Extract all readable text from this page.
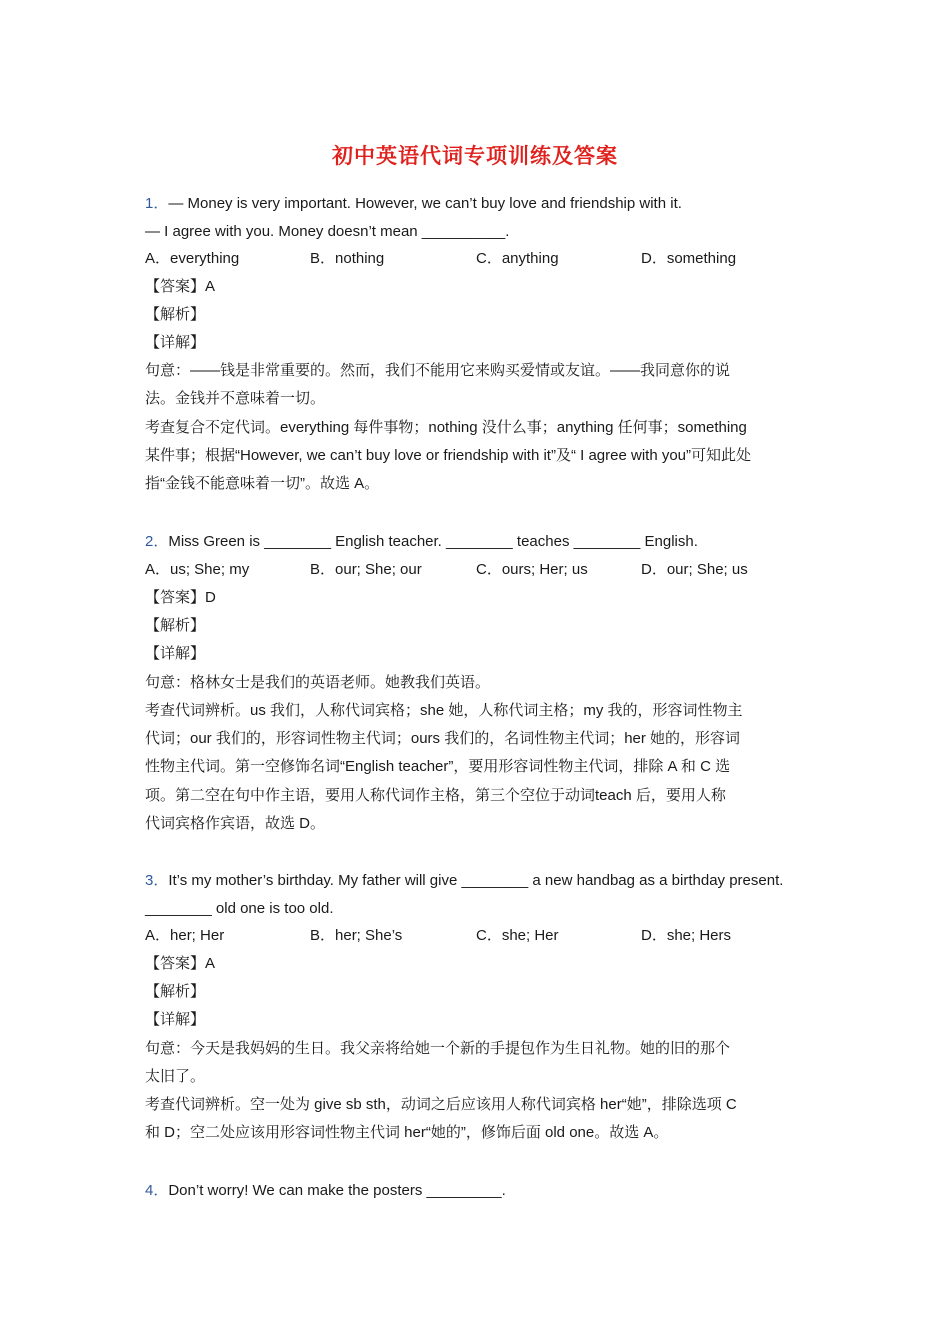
初中英语代词专项训练及答案
1．— Money is very important. However, we can’t buy love and friendship with it.
— I agree with you. Money doesn’t mean __________.
A．everything	B．nothing	C．anything	D．something
【答案】A
【解析】
【详解】
句意：——钱是非常重要的。然而，我们不能用它来购买爱情或友谊。——我同意你的说
法。金钱并不意味着一切。
考查复合不定代词。everything 每件事物；nothing 没什么事；anything 任何事；something
某件事；根据“However, we can’t buy love or friendship with it”及“ I agree with you”可知此处
指“金钱不能意味着一切”。故选 A。
2．Miss Green is ________ English teacher. ________ teaches ________ English.
A．us; She; my	B．our; She; our	C．ours; Her; us	D．our; She; us
【答案】D
【解析】
【详解】
句意：格林女士是我们的英语老师。她教我们英语。
考查代词辨析。us 我们，人称代词宾格；she 她，人称代词主格；my 我的，形容词性物主
代词；our 我们的，形容词性物主代词；ours 我们的，名词性物主代词；her 她的，形容词
性物主代词。第一空修饰名词“English teacher”，要用形容词性物主代词，排除 A 和 C 选
项。第二空在句中作主语，要用人称代词作主格，第三个空位于动词teach 后，要用人称
代词宾格作宾语，故选 D。
3．It’s my mother’s birthday. My father will give ________ a new handbag as a birthday present.
________ old one is too old.
A．her; Her	B．her; She’s	C．she; Her	D．she; Hers
【答案】A
【解析】
【详解】
句意：今天是我妈妈的生日。我父亲将给她一个新的手提包作为生日礼物。她的旧的那个
太旧了。
考查代词辨析。空一处为 give sb sth，动词之后应该用人称代词宾格 her“她”，排除选项 C
和 D；空二处应该用形容词性物主代词 her“她的”，修饰后面 old one。故选 A。
4．Don’t worry! We can make the posters _________.
